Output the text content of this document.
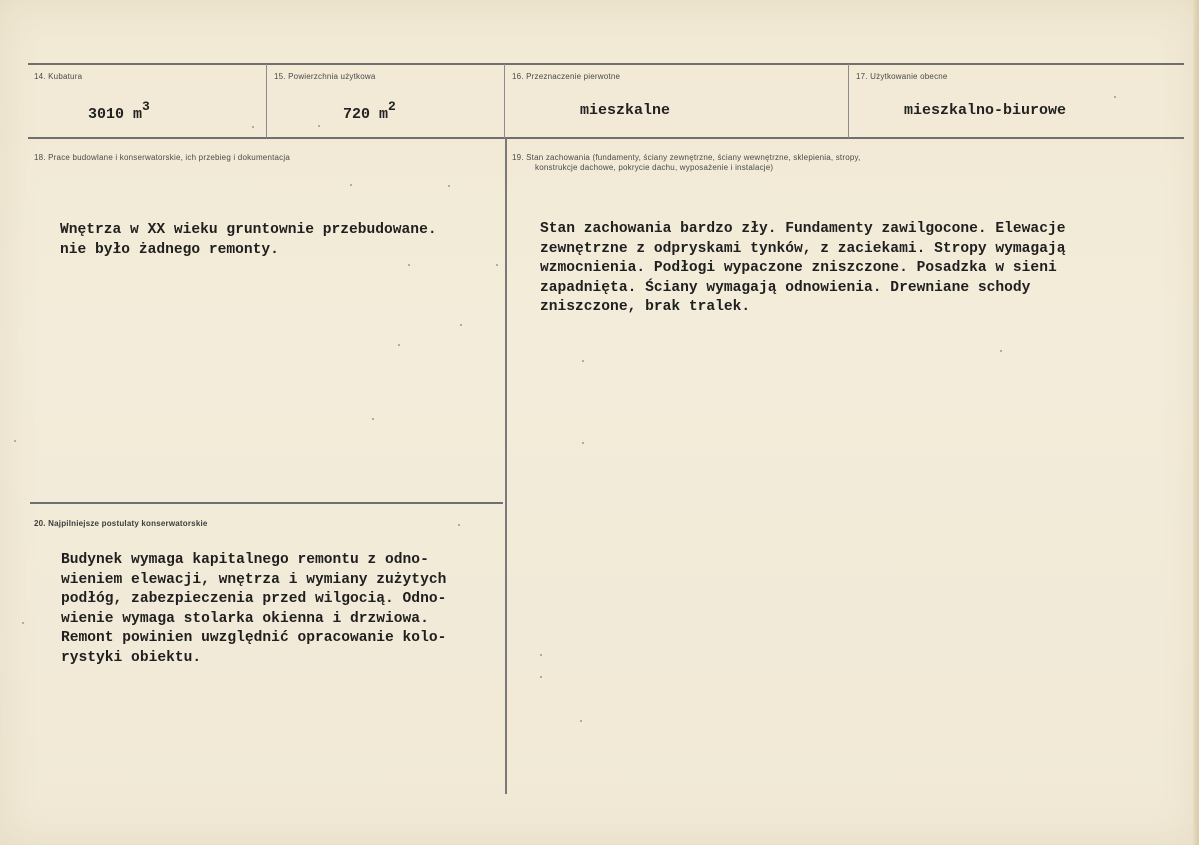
14. Kubatura
3010 $m^3$
15. Powierzchnia użytkowa
720 $m^2$
16. Przeznaczenie pierwotne
mieszkalne
17. Użytkowanie obecne
mieszkalno-biurowe
18. Prace budowlane i konserwatorskie, ich przebieg i dokumentacja
Wnętrza w XX wieku gruntownie przebudowane.
nie było żadnego remonty.
19. Stan zachowania (fundamenty, ściany zewnętrzne, ściany wewnętrzne, sklepienia, stropy,
konstrukcje dachowe, pokrycie dachu, wyposażenie i instalacje)
Stan zachowania bardzo zły. Fundamenty zawilgocone. Elewacje
zewnętrzne z odpryskami tynków, z zaciekami. Stropy wymagają
wzmocnienia. Podłogi wypaczone zniszczone. Posadzka w sieni
zapadnięta. Ściany wymagają odnowienia. Drewniane schody
zniszczone, brak tralek.
20. Najpilniejsze postulaty konserwatorskie
Budynek wymaga kapitalnego remontu z odno-
wieniem elewacji, wnętrza i wymiany zużytych
podłóg, zabezpieczenia przed wilgocią. Odno-
wienie wymaga stolarka okienna i drzwiowa.
Remont powinien uwzględnić opracowanie kolo-
rystyki obiektu.
